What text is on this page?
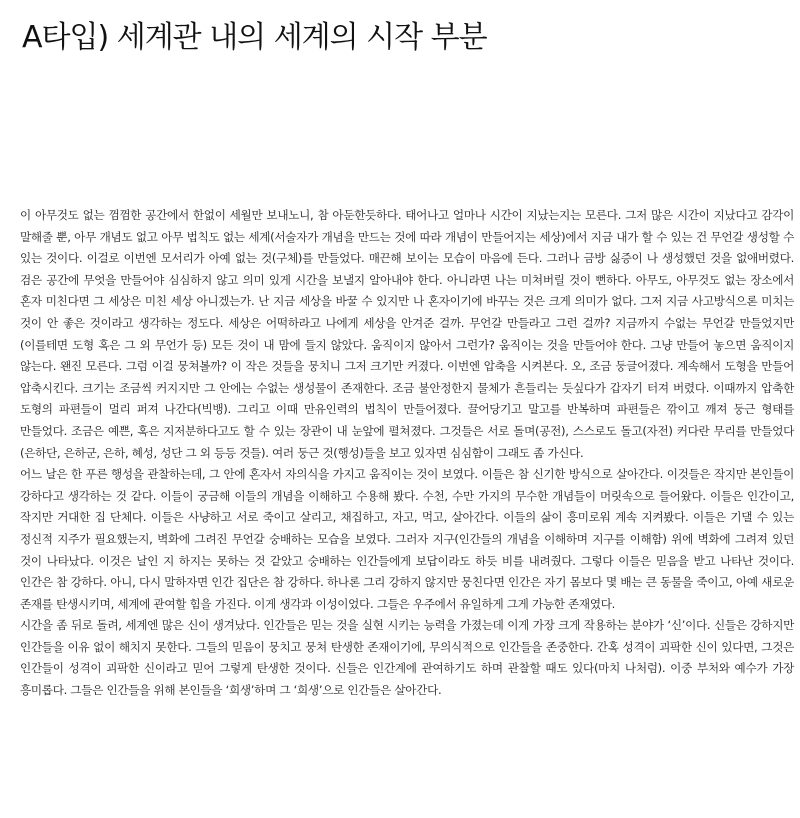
A타입) 세계관 내의 세계의 시작 부분

이 아무것도 없는 껌껌한 공간에서 한없이 세월만 보내노니, 참 아둔한듯하다. 태어나고 얼마나 시간이 지났는지는 모른다. 그저 많은 시간이 지났다고 감각이 말해줄 뿐, 아무 개념도 없고 아무 법칙도 없는 세계(서술자가 개념을 만드는 것에 따라 개념이 만들어지는 세상)에서 지금 내가 할 수 있는 건 무언갈 생성할 수 있는 것이다. 이걸로 이번엔 모서리가 아예 없는 것(구체)를 만들었다. 매끈해 보이는 모습이 마음에 든다. 그러나 금방 싫증이 나 생성했던 것을 없애버렸다. 검은 공간에 무엇을 만들어야 심심하지 않고 의미 있게 시간을 보낼지 알아내야 한다. 아니라면 나는 미쳐버릴 것이 뻔하다. 아무도, 아무것도 없는 장소에서 혼자 미친다면 그 세상은 미친 세상 아니겠는가. 난 지금 세상을 바꿀 수 있지만 나 혼자이기에 바꾸는 것은 크게 의미가 없다. 그저 지금 사고방식으론 미치는 것이 안 좋은 것이라고 생각하는 정도다. 세상은 어떡하라고 나에게 세상을 안겨준 걸까. 무언갈 만들라고 그런 걸까? 지금까지 수없는 무언갈 만들었지만(이를테면 도형 혹은 그 외 무언가 등) 모든 것이 내 맘에 들지 않았다. 움직이지 않아서 그런가? 움직이는 것을 만들어야 한다. 그냥 만들어 놓으면 움직이지 않는다. 왠진 모른다. 그럼 이걸 뭉쳐볼까? 이 작은 것들을 뭉치니 그저 크기만 커졌다. 이번엔 압축을 시켜본다. 오, 조금 둥글어졌다. 계속해서 도형을 만들어 압축시킨다. 크기는 조금씩 커지지만 그 안에는 수없는 생성물이 존재한다. 조금 불안정한지 물체가 흔들리는 듯싶다가 갑자기 터져 버렸다. 이때까지 압축한 도형의 파편들이 멀리 퍼져 나간다(빅뱅). 그리고 이때 만유인력의 법칙이 만들어졌다. 끌어당기고 말고를 반복하며 파편들은 깎이고 깨져 둥근 형태를 만들었다. 조금은 예쁜, 혹은 지저분하다고도 할 수 있는 장관이 내 눈앞에 펼쳐졌다. 그것들은 서로 돌며(공전), 스스로도 돌고(자전) 커다란 무리를 만들었다(은하단, 은하군, 은하, 혜성, 성단 그 외 등등 것들). 여러 둥근 것(행성)들을 보고 있자면 심심함이 그래도 좀 가신다.

어느 날은 한 푸른 행성을 관찰하는데, 그 안에 혼자서 자의식을 가지고 움직이는 것이 보였다. 이들은 참 신기한 방식으로 살아간다. 이것들은 작지만 본인들이 강하다고 생각하는 것 같다. 이들이 궁금해 이들의 개념을 이해하고 수용해 봤다. 수천, 수만 가지의 무수한 개념들이 머릿속으로 들어왔다. 이들은 인간이고, 작지만 거대한 집 단체다. 이들은 사냥하고 서로 죽이고 살리고, 채집하고, 자고, 먹고, 살아간다. 이들의 삶이 흥미로워 계속 지켜봤다. 이들은 기댈 수 있는 정신적 지주가 필요했는지, 벽화에 그려진 무언갈 숭배하는 모습을 보였다. 그러자 지구(인간들의 개념을 이해하며 지구를 이해함) 위에 벽화에 그려져 있던 것이 나타났다. 이것은 날인 지 하지는 못하는 것 같았고 숭배하는 인간들에게 보답이라도 하듯 비를 내려줬다. 그렇다 이들은 믿음을 받고 나타난 것이다. 인간은 참 강하다. 아니, 다시 말하자면 인간 집단은 참 강하다. 하나론 그리 강하지 않지만 뭉친다면 인간은 자기 몸보다 몇 배는 큰 동물을 죽이고, 아예 새로운 존재를 탄생시키며, 세계에 관여할 힘을 가진다. 이게 생각과 이성이었다. 그들은 우주에서 유일하게 그게 가능한 존재였다.

시간을 좀 뒤로 돌려, 세계엔 많은 신이 생겨났다. 인간들은 믿는 것을 실현 시키는 능력을 가졌는데 이게 가장 크게 작용하는 분야가 ‘신’이다. 신들은 강하지만 인간들을 이유 없이 해치지 못한다. 그들의 믿음이 뭉치고 뭉쳐 탄생한 존재이기에, 무의식적으로 인간들을 존중한다. 간혹 성격이 괴팍한 신이 있다면, 그것은 인간들이 성격이 괴팍한 신이라고 믿어 그렇게 탄생한 것이다. 신들은 인간계에 관여하기도 하며 관찰할 때도 있다(마치 나처럼). 이중 부처와 예수가 가장 흥미롭다. 그들은 인간들을 위해 본인들을 ‘희생’하며 그 ‘희생’으로 인간들은 살아간다.
